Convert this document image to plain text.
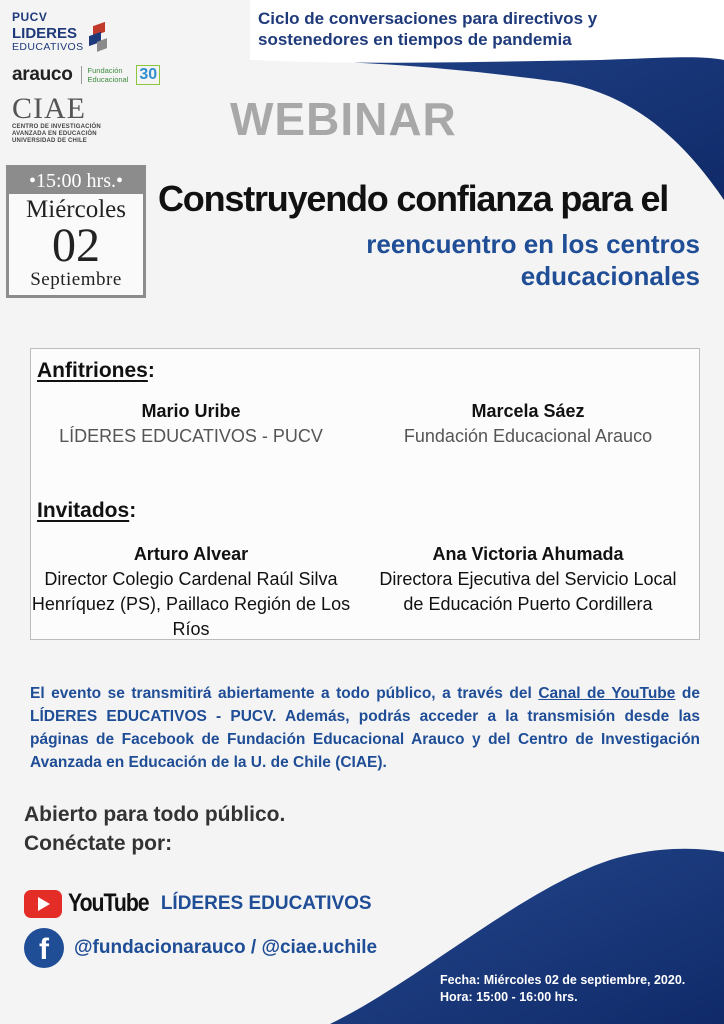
PUCV
LIDERES
EDUCATIVOS
arauco Fundación
Educacional 30
CIAE
CENTRO DE INVESTIGACIÓN
AVANZADA EN EDUCACIÓN
UNIVERSIDAD DE CHILE
Ciclo de conversaciones para directivos y sostenedores en tiempos de pandemia
WEBINAR
•15:00 hrs.•
Miércoles
02
Septiembre
Construyendo confianza para el
reencuentro en los centros educacionales
Anfitriones:
Mario Uribe
LÍDERES EDUCATIVOS - PUCV
Marcela Sáez
Fundación Educacional Arauco
Invitados:
Arturo Alvear
Director Colegio Cardenal Raúl Silva Henríquez (PS), Paillaco Región de Los Ríos
Ana Victoria Ahumada
Directora Ejecutiva del Servicio Local de Educación Puerto Cordillera
El evento se transmitirá abiertamente a todo público, a través del Canal de YouTube de LÍDERES EDUCATIVOS - PUCV. Además, podrás acceder a la transmisión desde las páginas de Facebook de Fundación Educacional Arauco y del Centro de Investigación Avanzada en Educación de la U. de Chile (CIAE).
Abierto para todo público.
Conéctate por:
YouTube LÍDERES EDUCATIVOS
f	@fundacionarauco / @ciae.uchile
Fecha: Miércoles 02 de septiembre, 2020.
Hora: 15:00 - 16:00 hrs.
